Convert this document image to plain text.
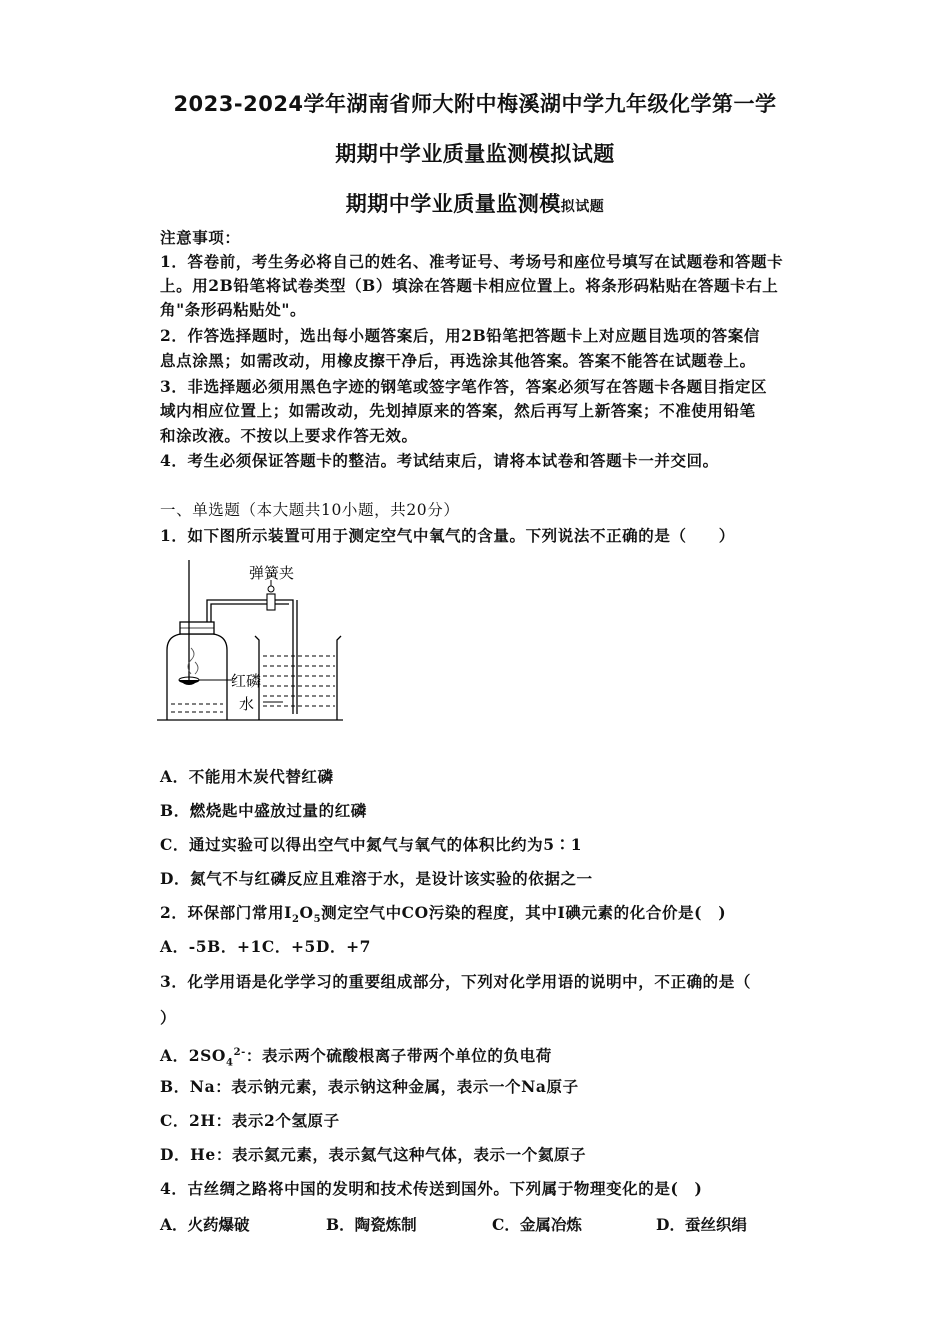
2023-2024学年湖南省师大附中梅溪湖中学九年级化学第一学
期期中学业质量监测模拟试题
期期中学业质量监测模拟试题
注意事项：
1．答卷前，考生务必将自己的姓名、准考证号、考场号和座位号填写在试题卷和答题卡
上。用2B铅笔将试卷类型（B）填涂在答题卡相应位置上。将条形码粘贴在答题卡右上
角"条形码粘贴处"。
2．作答选择题时，选出每小题答案后，用2B铅笔把答题卡上对应题目选项的答案信
息点涂黑；如需改动，用橡皮擦干净后，再选涂其他答案。答案不能答在试题卷上。
3．非选择题必须用黑色字迹的钢笔或签字笔作答，答案必须写在答题卡各题目指定区
域内相应位置上；如需改动，先划掉原来的答案，然后再写上新答案；不准使用铅笔
和涂改液。不按以上要求作答无效。
4．考生必须保证答题卡的整洁。考试结束后，请将本试卷和答题卡一并交回。
一、单选题（本大题共10小题，共20分）
1．如下图所示装置可用于测定空气中氧气的含量。下列说法不正确的是（　　）
弹簧夹
红磷
水
A．不能用木炭代替红磷
B．燃烧匙中盛放过量的红磷
C．通过实验可以得出空气中氮气与氧气的体积比约为5∶1
D．氮气不与红磷反应且难溶于水，是设计该实验的依据之一
2．环保部门常用$I_2O_5$测定空气中CO污染的程度，其中I碘元素的化合价是(　)
A．-5B．+1C．+5D．+7
3．化学用语是化学学习的重要组成部分，下列对化学用语的说明中，不正确的是（
）
A．$2SO_4^{2-}$：表示两个硫酸根离子带两个单位的负电荷
B．Na：表示钠元素，表示钠这种金属，表示一个Na原子
C．2H：表示2个氢原子
D．He：表示氦元素，表示氦气这种气体，表示一个氦原子
4．古丝绸之路将中国的发明和技术传送到国外。下列属于物理变化的是(　)
A．火药爆破	B．陶瓷炼制	C．金属冶炼	D．蚕丝织绢
